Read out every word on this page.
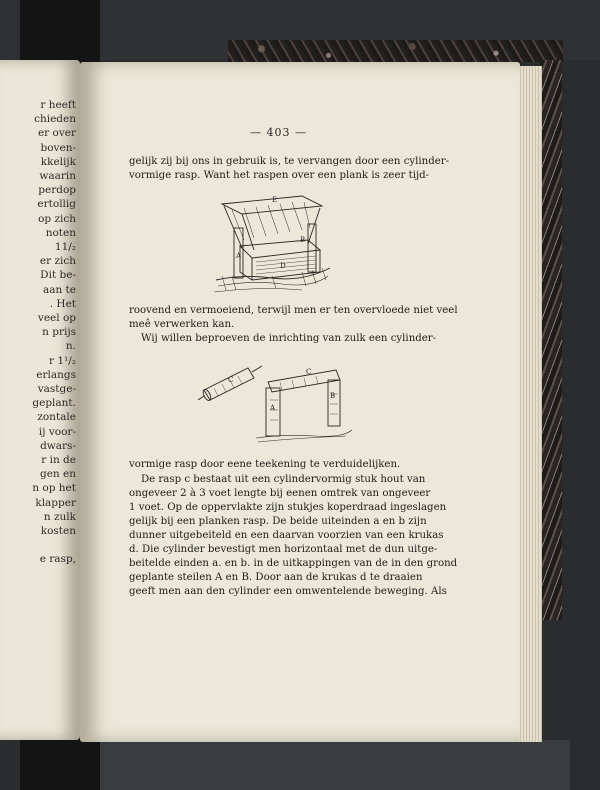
r heeft
chieden
er over
boven-
kkelijk
waarin
perdop
ertollig
op zich
noten
11/₂
er zich
Dit be-
aan te
. Het
veel op
n prijs
n.
r 1¹/₂
erlangs
vastge-
geplant.
zontale
ij voor-
dwars-
r in de
gen en
n op het
klapper
n zulk
kosten
e rasp,
— 403 —
gelijk zij bij ons in gebruik is, te vervangen door een cylinder-
vormige rasp. Want het raspen over een plank is zeer tijd-
E
A
B
D
roovend en vermoeiend, terwijl men er ten overvloede niet veel
meê verwerken kan.
Wij willen beproeven de inrichting van zulk een cylinder-
C
C
A
B
vormige rasp door eene teekening te verduidelijken.
De rasp c bestaat uit een cylindervormig stuk hout van
ongeveer 2 à 3 voet lengte bij eenen omtrek van ongeveer
1 voet. Op de oppervlakte zijn stukjes koperdraad ingeslagen
gelijk bij een planken rasp. De beide uiteinden a en b zijn
dunner uitgebeiteld en een daarvan voorzien van een krukas
d. Die cylinder bevestigt men horizontaal met de dun uitge-
beitelde einden a. en b. in de uitkappingen van de in den grond
geplante steilen A en B. Door aan de krukas d te draaien
geeft men aan den cylinder een omwentelende beweging. Als
